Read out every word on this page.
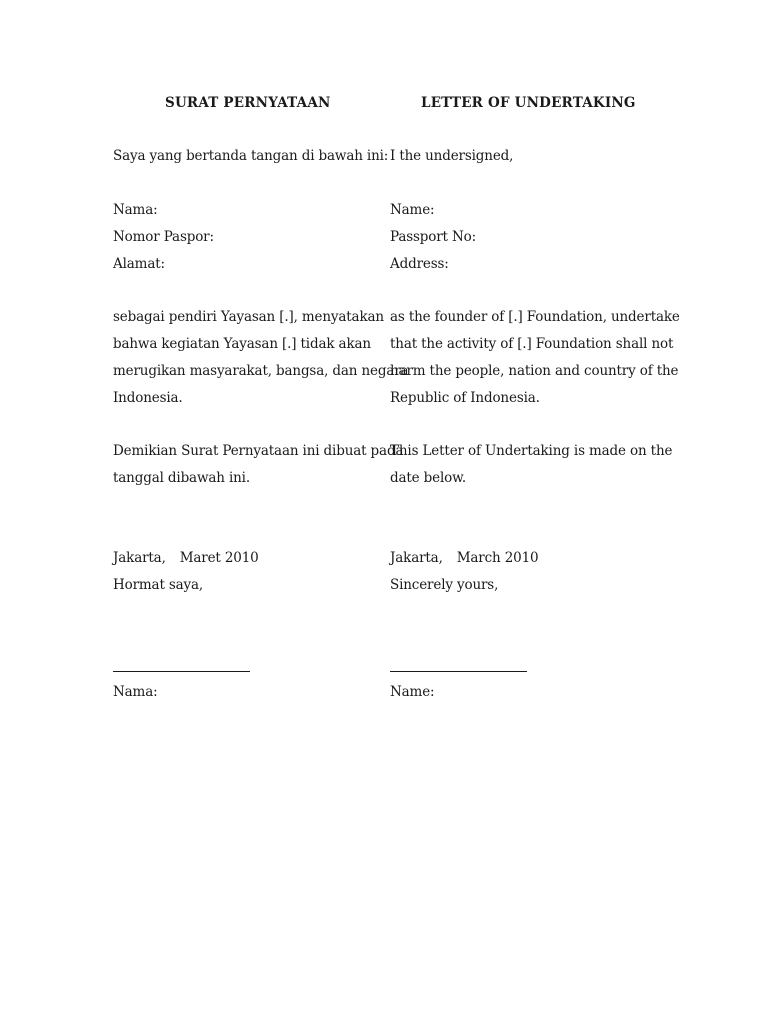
SURAT PERNYATAAN
Saya yang bertanda tangan di bawah ini:
Nama:
Nomor Paspor:
Alamat:
sebagai pendiri Yayasan [.], menyatakan
bahwa kegiatan Yayasan [.] tidak akan
merugikan masyarakat, bangsa, dan negara
Indonesia.
Demikian Surat Pernyataan ini dibuat pada
tanggal dibawah ini.
Jakarta, Maret 2010
Hormat saya,
Nama:
LETTER OF UNDERTAKING
I the undersigned,
Name:
Passport No:
Address:
as the founder of [.] Foundation, undertake
that the activity of [.] Foundation shall not
harm the people, nation and country of the
Republic of Indonesia.
This Letter of Undertaking is made on the
date below.
Jakarta, March 2010
Sincerely yours,
Name:
